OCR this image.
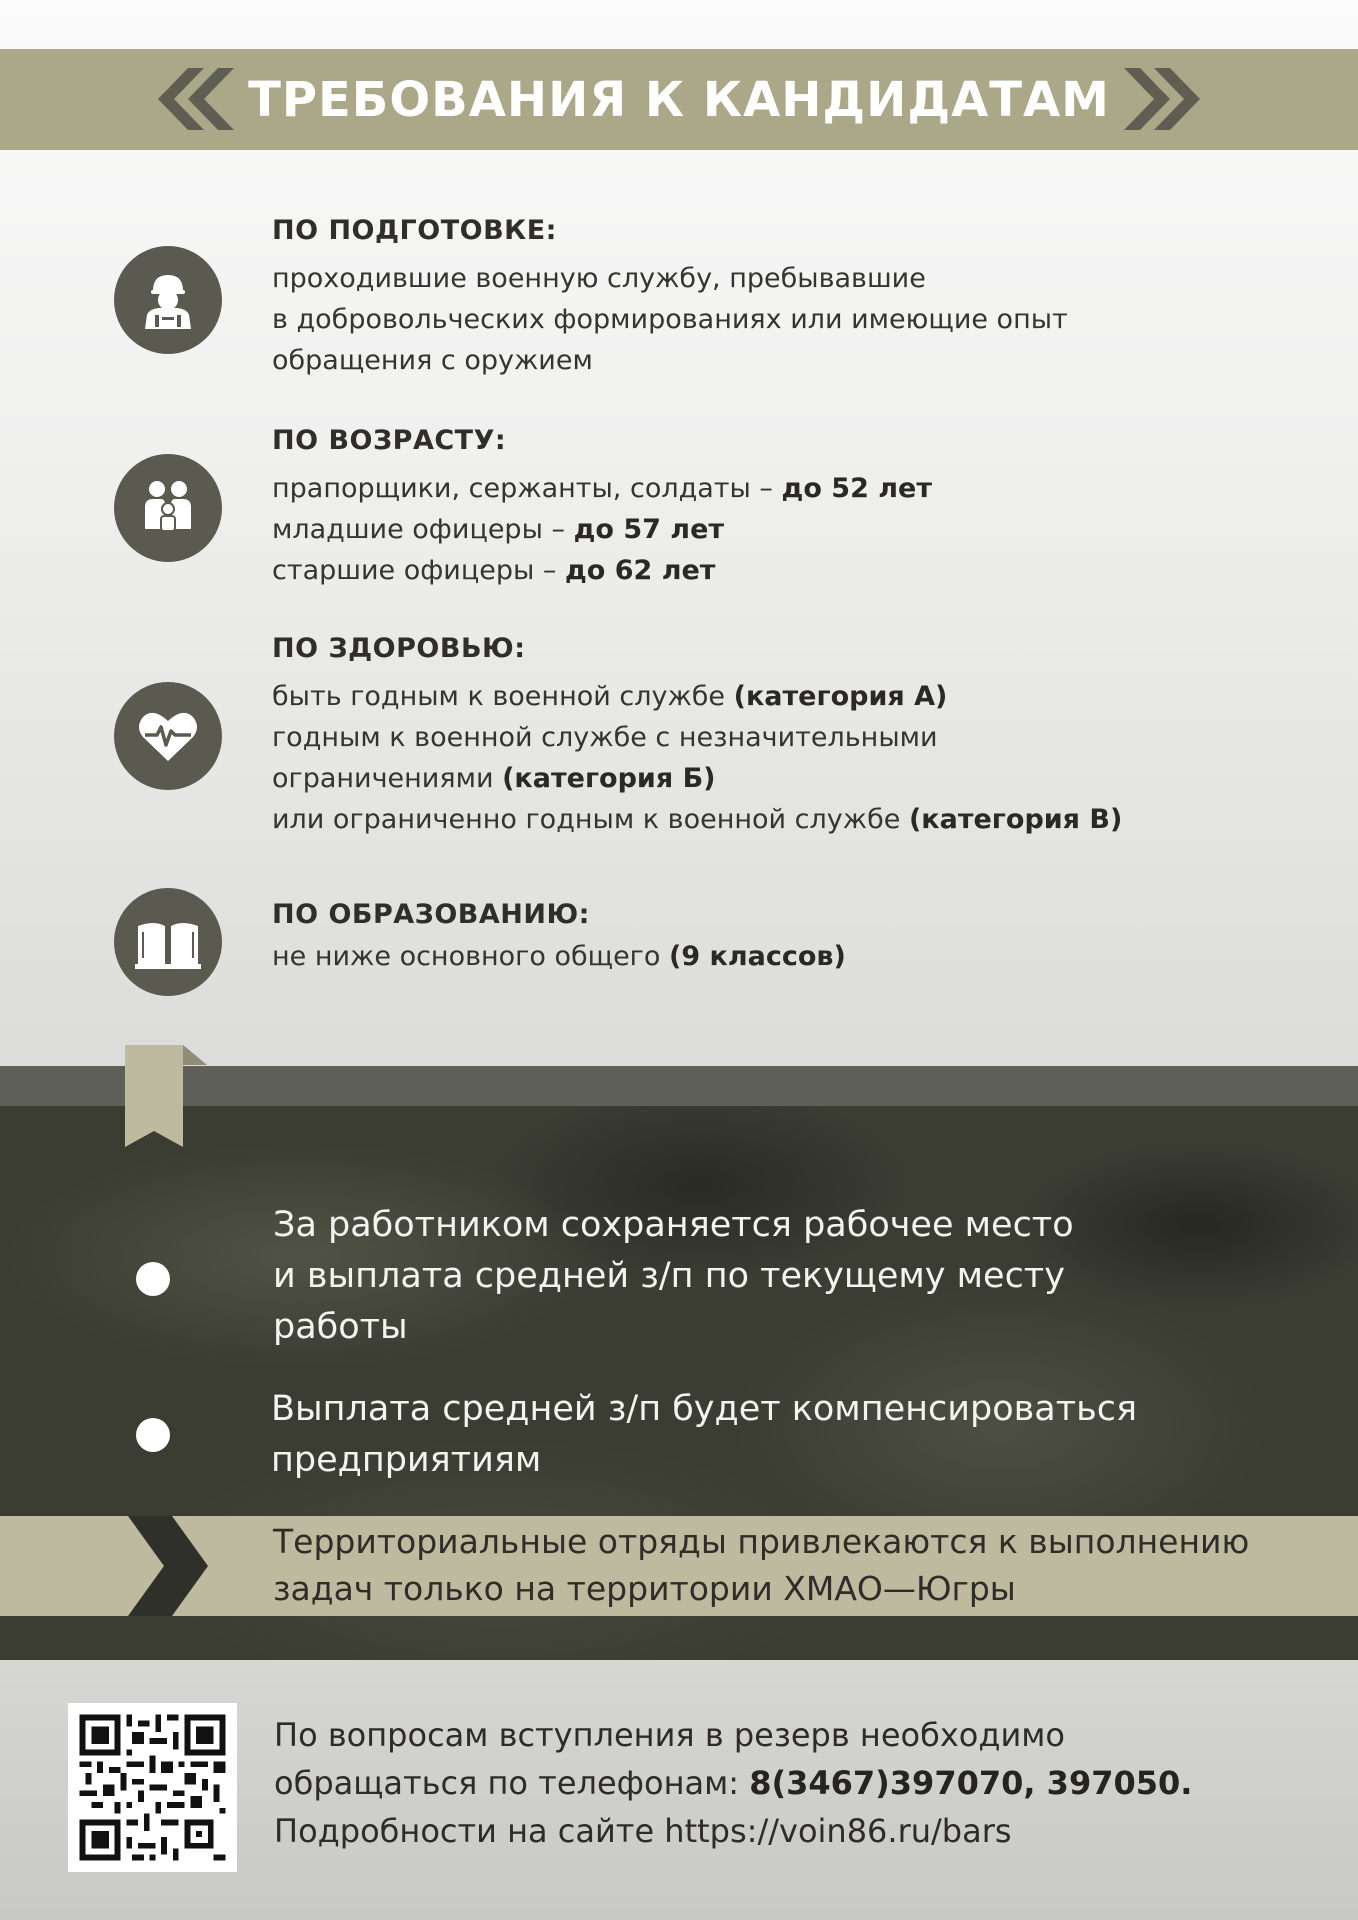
ТРЕБОВАНИЯ К КАНДИДАТАМ
ПО ПОДГОТОВКЕ:
проходившие военную службу, пребывавшие
в добровольческих формированиях или имеющие опыт
обращения с оружием
ПО ВОЗРАСТУ:
прапорщики, сержанты, солдаты – до 52 лет
младшие офицеры – до 57 лет
старшие офицеры – до 62 лет
ПО ЗДОРОВЬЮ:
быть годным к военной службе (категория А)
годным к военной службе с незначительными
ограничениями (категория Б)
или ограниченно годным к военной службе (категория В)
ПО ОБРАЗОВАНИЮ:
не ниже основного общего (9 классов)
За работником сохраняется рабочее место
и выплата средней з/п по текущему месту
работы
Выплата средней з/п будет компенсироваться
предприятиям
Территориальные отряды привлекаются к выполнению
задач только на территории ХМАО—Югры
По вопросам вступления в резерв необходимо
обращаться по телефонам: 8(3467)397070, 397050.
Подробности на сайте https://voin86.ru/bars
